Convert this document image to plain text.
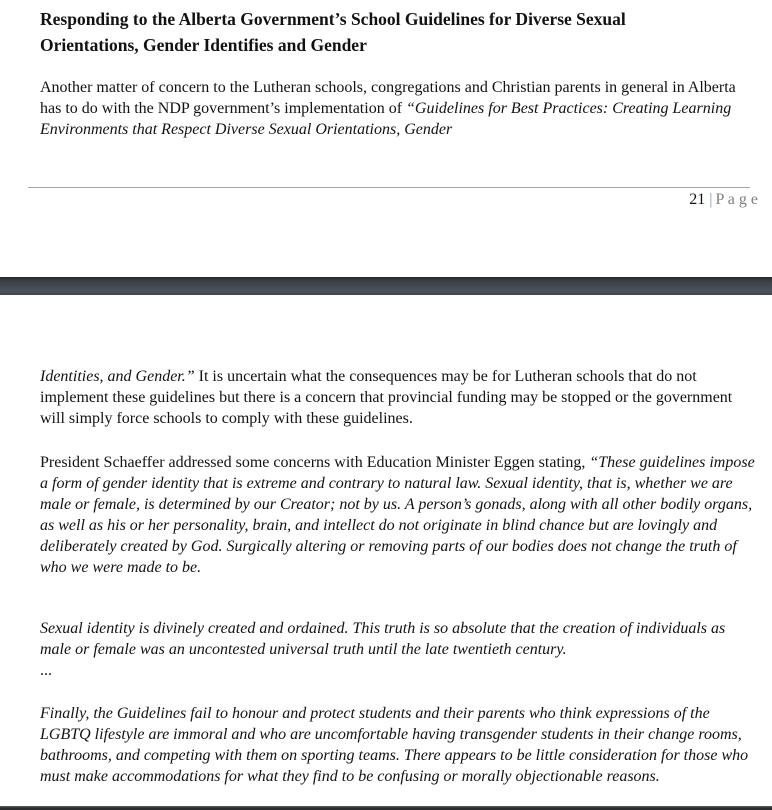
Responding to the Alberta Government’s School Guidelines for Diverse Sexual Orientations, Gender Identifies and Gender

Another matter of concern to the Lutheran schools, congregations and Christian parents in general in Alberta has to do with the NDP government’s implementation of “Guidelines for Best Practices: Creating Learning Environments that Respect Diverse Sexual Orientations, Gender

21 | P a g e

Identities, and Gender.” It is uncertain what the consequences may be for Lutheran schools that do not implement these guidelines but there is a concern that provincial funding may be stopped or the government will simply force schools to comply with these guidelines.

President Schaeffer addressed some concerns with Education Minister Eggen stating, “These guidelines impose a form of gender identity that is extreme and contrary to natural law. Sexual identity, that is, whether we are male or female, is determined by our Creator; not by us. A person’s gonads, along with all other bodily organs, as well as his or her personality, brain, and intellect do not originate in blind chance but are lovingly and deliberately created by God. Surgically altering or removing parts of our bodies does not change the truth of who we were made to be.

Sexual identity is divinely created and ordained. This truth is so absolute that the creation of individuals as male or female was an uncontested universal truth until the late twentieth century.
...

Finally, the Guidelines fail to honour and protect students and their parents who think expressions of the LGBTQ lifestyle are immoral and who are uncomfortable having transgender students in their change rooms, bathrooms, and competing with them on sporting teams. There appears to be little consideration for those who must make accommodations for what they find to be confusing or morally objectionable reasons.
